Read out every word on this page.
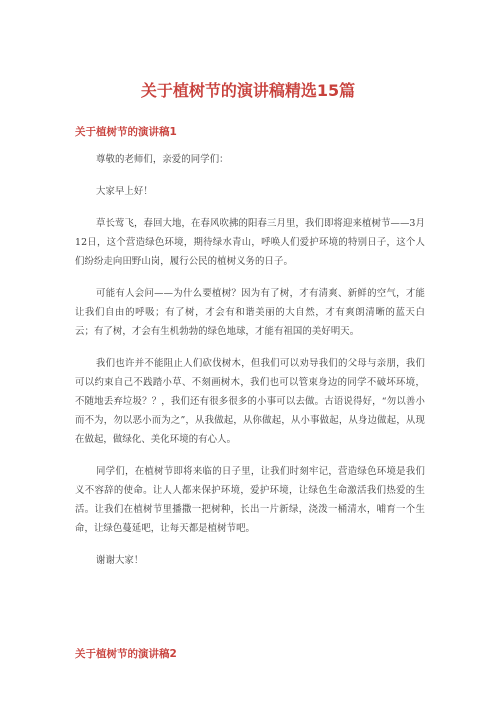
关于植树节的演讲稿精选15篇
关于植树节的演讲稿1

尊敬的老师们，亲爱的同学们：

大家早上好！

草长莺飞，春回大地，在春风吹拂的阳春三月里，我们即将迎来植树节——3月12日，这个营造绿色环境，期待绿水青山，呼唤人们爱护环境的特别日子，这个人们纷纷走向田野山岗，履行公民的植树义务的日子。

可能有人会问——为什么要植树？因为有了树，才有清爽、新鲜的空气，才能让我们自由的呼吸；有了树，才会有和谐美丽的大自然，才有爽朗清晰的蓝天白云；有了树，才会有生机勃勃的绿色地球，才能有祖国的美好明天。

我们也许并不能阻止人们砍伐树木，但我们可以劝导我们的父母与亲朋，我们可以约束自己不践踏小草、不刻画树木，我们也可以管束身边的同学不破坏环境，不随地丢弃垃圾？？，我们还有很多很多的小事可以去做。古语说得好，“勿以善小而不为，勿以恶小而为之”，从我做起，从你做起，从小事做起，从身边做起，从现在做起，做绿化、美化环境的有心人。

同学们，在植树节即将来临的日子里，让我们时刻牢记，营造绿色环境是我们义不容辞的使命。让人人都来保护环境，爱护环境，让绿色生命激活我们热爱的生活。让我们在植树节里播撒一把树种，长出一片新绿，浇泼一桶清水，哺育一个生命，让绿色蔓延吧，让每天都是植树节吧。

谢谢大家！

关于植树节的演讲稿2
